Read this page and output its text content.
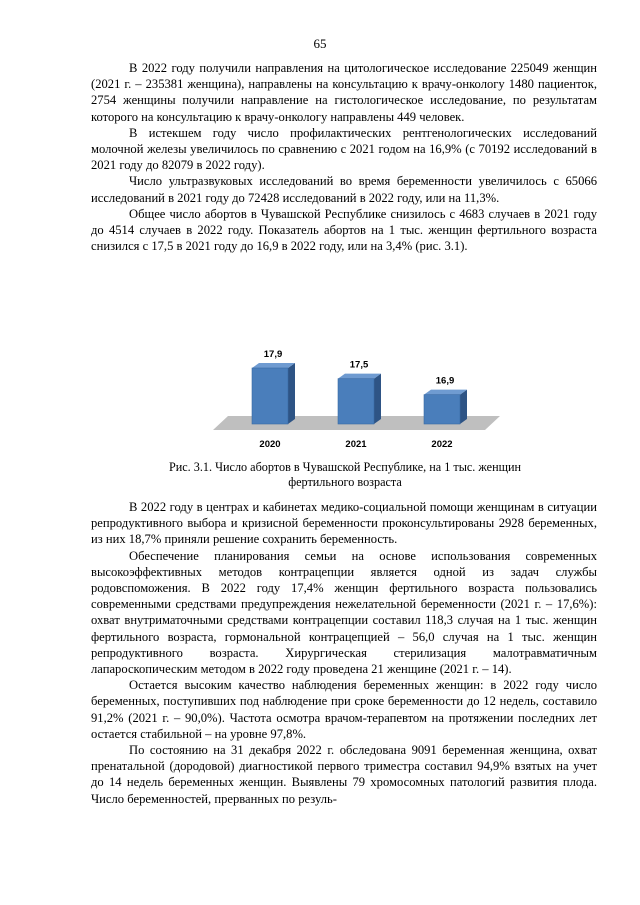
65

В 2022 году получили направления на цитологическое исследование 225049 женщин (2021 г. – 235381 женщина), направлены на консультацию к врачу-онкологу 1480 пациенток, 2754 женщины получили направление на гистологическое исследование, по результатам которого на консультацию к врачу-онкологу направлены 449 человек.

В истекшем году число профилактических рентгенологических исследований молочной железы увеличилось по сравнению с 2021 годом на 16,9% (с 70192 исследований в 2021 году до 82079 в 2022 году).

Число ультразвуковых исследований во время беременности увеличилось с 65066 исследований в 2021 году до 72428 исследований в 2022 году, или на 11,3%.

Общее число абортов в Чувашской Республике снизилось с 4683 случаев в 2021 году до 4514 случаев в 2022 году. Показатель абортов на 1 тыс. женщин фертильного возраста снизился с 17,5 в 2021 году до 16,9 в 2022 году, или на 3,4% (рис. 3.1).

17,9
2020
17,5
2021
16,9
2022
Рис. 3.1. Число абортов в Чувашской Республике, на 1 тыс. женщин фертильного возраста

В 2022 году в центрах и кабинетах медико-социальной помощи женщинам в ситуации репродуктивного выбора и кризисной беременности проконсультированы 2928 беременных, из них 18,7% приняли решение сохранить беременность.

Обеспечение планирования семьи на основе использования современных высокоэффективных методов контрацепции является одной из задач службы родовспоможения. В 2022 году 17,4% женщин фертильного возраста пользовались современными средствами предупреждения нежелательной беременности (2021 г. – 17,6%): охват внутриматочными средствами контрацепции составил 118,3 случая на 1 тыс. женщин фертильного возраста, гормональной контрацепцией – 56,0 случая на 1 тыс. женщин репродуктивного возраста. Хирургическая стерилизация малотравматичным лапароскопическим методом в 2022 году проведена 21 женщине (2021 г. – 14).

Остается высоким качество наблюдения беременных женщин: в 2022 году число беременных, поступивших под наблюдение при сроке беременности до 12 недель, составило 91,2% (2021 г. – 90,0%). Частота осмотра врачом-терапевтом на протяжении последних лет остается стабильной – на уровне 97,8%.

По состоянию на 31 декабря 2022 г. обследована 9091 беременная женщина, охват пренатальной (дородовой) диагностикой первого триместра составил 94,9% взятых на учет до 14 недель беременных женщин. Выявлены 79 хромосомных патологий развития плода. Число беременностей, прерванных по резуль-
